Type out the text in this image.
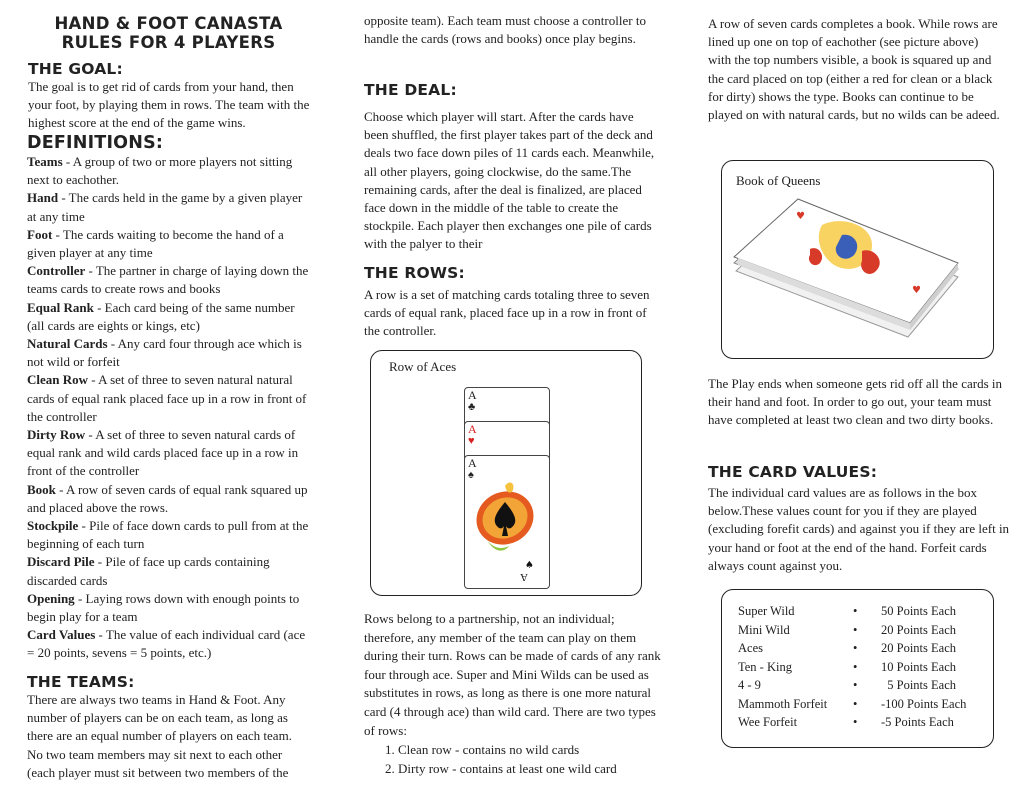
HAND & FOOT CANASTA
RULES FOR 4 PLAYERS
THE GOAL:

The goal is to get rid of cards from your hand, then your foot, by playing them in rows. The team with the highest score at the end of the game wins.

DEFINITIONS:

Teams - A group of two or more players not sitting next to eachother.

Hand - The cards held in the game by a given player at any time

Foot - The cards waiting to become the hand of a given player at any time

Controller - The partner in charge of laying down the teams cards to create rows and books

Equal Rank - Each card being of the same number (all cards are eights or kings, etc)

Natural Cards - Any card four through ace which is not wild or forfeit

Clean Row - A set of three to seven natural natural cards of equal rank placed face up in a row in front of the controller

Dirty Row - A set of three to seven natural cards of equal rank and wild cards placed face up in a row in front of the controller

Book - A row of seven cards of equal rank squared up and placed above the rows.

Stockpile - Pile of face down cards to pull from at the beginning of each turn

Discard Pile - Pile of face up cards containing discarded cards

Opening - Laying rows down with enough points to begin play for a team

Card Values - The value of each individual card (ace = 20 points, sevens = 5 points, etc.)

THE TEAMS:

There are always two teams in Hand & Foot. Any number of players can be on each team, as long as there are an equal number of players on each team. No two team members may sit next to each other (each player must sit between two members of the

opposite team). Each team must choose a controller to handle the cards (rows and books) once play begins.

THE DEAL:

Choose which player will start. After the cards have been shuffled, the first player takes part of the deck and deals two face down piles of 11 cards each. Meanwhile, all other players, going clockwise, do the same.The remaining cards, after the deal is finalized, are placed face down in the middle of the table to create the stockpile. Each player then exchanges one pile of cards with the palyer to their

THE ROWS:

A row is a set of matching cards totaling three to seven cards of equal rank, placed face up in a row in front of the controller.

Row of Aces
A
♣
A
♥
A
♠
A
♠

Rows belong to a partnership, not an individual; therefore, any member of the team can play on them during their turn. Rows can be made of cards of any rank four through ace. Super and Mini Wilds can be used as substitutes in rows, as long as there is one more natural card (4 through ace) than wild card. There are two types of rows:

1. Clean row - contains no wild cards
2. Dirty row - contains at least one wild card

A row of seven cards completes a book. While rows are lined up one on top of eachother (see picture above) with the top numbers visible, a book is squared up and the card placed on top (either a red for clean or a black for dirty) shows the type. Books can continue to be played on with natural cards, but no wilds can be adeed.

Book of Queens
♥
♥

The Play ends when someone gets rid off all the cards in their hand and foot. In order to go out, your team must have completed at least two clean and two dirty books.

THE CARD VALUES:

The individual card values are as follows in the box below.These values count for you if they are played (excluding forefit cards) and against you if they are left in your hand or foot at the end of the hand. Forfeit cards always count against you.

Super Wild	•	50 Points Each
Mini Wild	•	20 Points Each
Aces	•	20 Points Each
Ten - King	•	10 Points Each
4 - 9	•	5 Points Each
Mammoth Forfeit	•	-100 Points Each
Wee Forfeit	•	-5 Points Each
